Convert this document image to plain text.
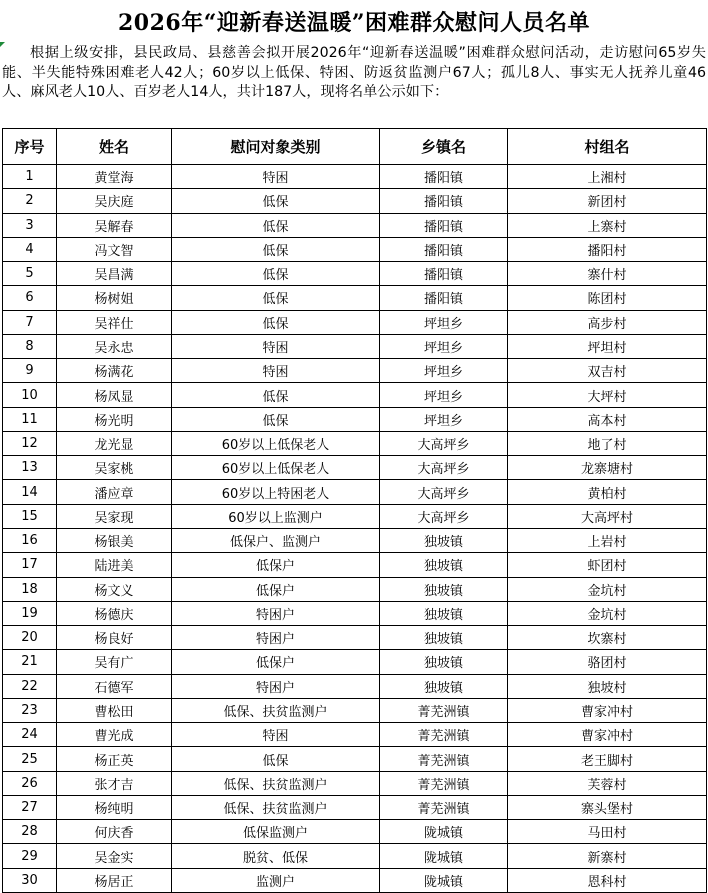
2026年“迎新春送温暖”困难群众慰问人员名单
根据上级安排，县民政局、县慈善会拟开展2026年“迎新春送温暖”困难群众慰问活动，走访慰问65岁失能、半失能特殊困难老人42人；60岁以上低保、特困、防返贫监测户67人；孤儿8人、事实无人抚养儿童46人、麻风老人10人、百岁老人14人，共计187人，现将名单公示如下：
序号	姓名	慰问对象类别	乡镇名	村组名
1	黄堂海	特困	播阳镇	上湘村
2	吴庆庭	低保	播阳镇	新团村
3	吴解春	低保	播阳镇	上寨村
4	冯文智	低保	播阳镇	播阳村
5	吴昌满	低保	播阳镇	寨什村
6	杨树姐	低保	播阳镇	陈团村
7	吴祥仕	低保	坪坦乡	高步村
8	吴永忠	特困	坪坦乡	坪坦村
9	杨满花	特困	坪坦乡	双吉村
10	杨凤显	低保	坪坦乡	大坪村
11	杨光明	低保	坪坦乡	高本村
12	龙光显	60岁以上低保老人	大高坪乡	地了村
13	吴家桃	60岁以上低保老人	大高坪乡	龙寨塘村
14	潘应章	60岁以上特困老人	大高坪乡	黄柏村
15	吴家现	60岁以上监测户	大高坪乡	大高坪村
16	杨银美	低保户、监测户	独坡镇	上岩村
17	陆进美	低保户	独坡镇	虾团村
18	杨文义	低保户	独坡镇	金坑村
19	杨德庆	特困户	独坡镇	金坑村
20	杨良好	特困户	独坡镇	坎寨村
21	吴有广	低保户	独坡镇	骆团村
22	石德军	特困户	独坡镇	独坡村
23	曹松田	低保、扶贫监测户	菁芜洲镇	曹家冲村
24	曹光成	特困	菁芜洲镇	曹家冲村
25	杨正英	低保	菁芜洲镇	老王脚村
26	张才吉	低保、扶贫监测户	菁芜洲镇	芙蓉村
27	杨纯明	低保、扶贫监测户	菁芜洲镇	寨头堡村
28	何庆香	低保监测户	陇城镇	马田村
29	吴金实	脱贫、低保	陇城镇	新寨村
30	杨居正	监测户	陇城镇	恩科村
